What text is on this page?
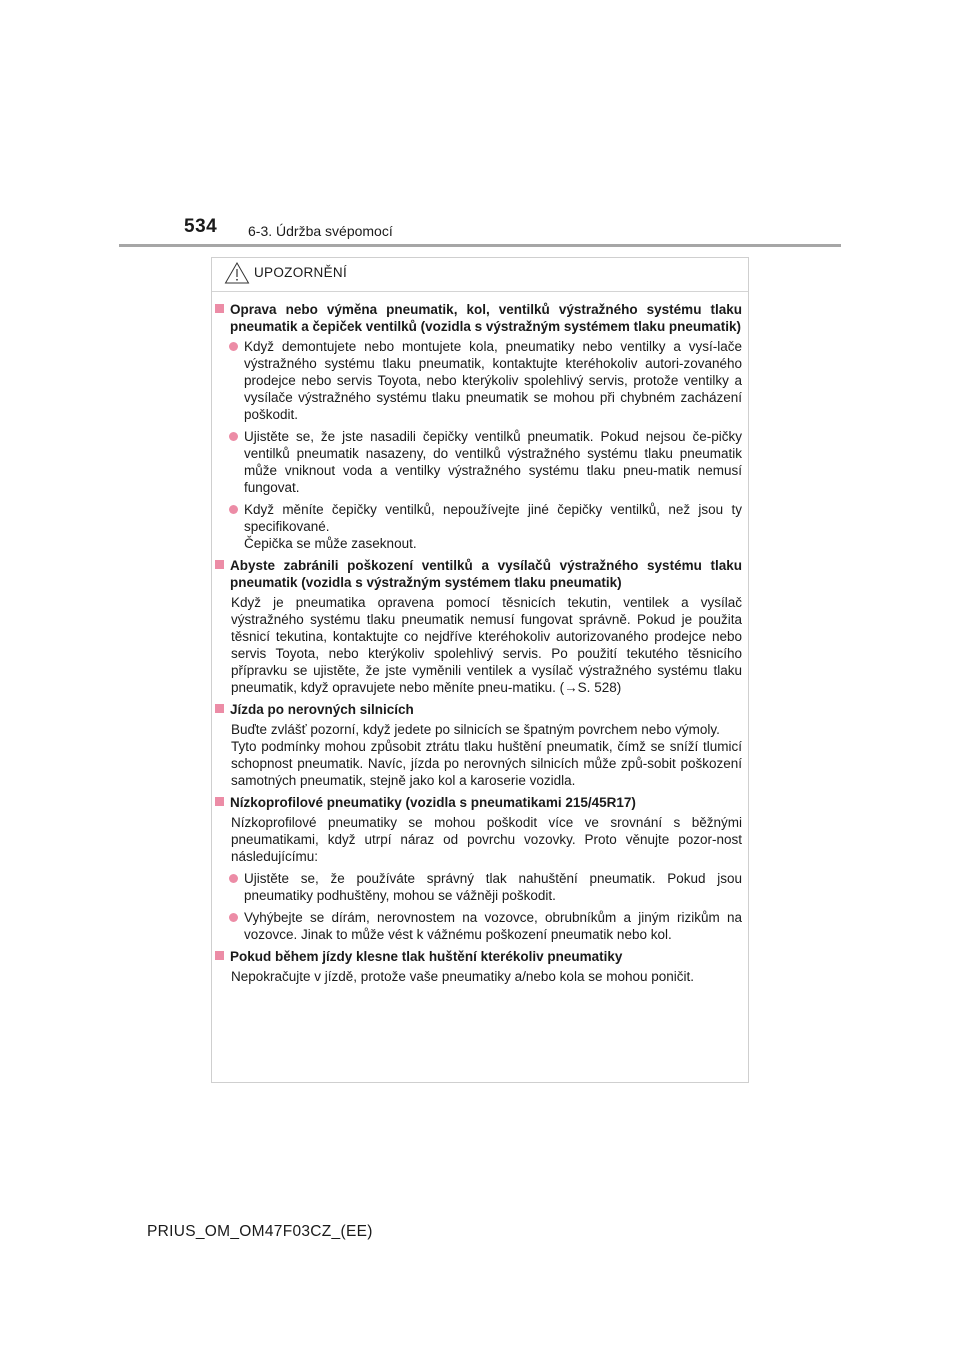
534 6-3. Údržba svépomocí
UPOZORNĚNÍ
Oprava nebo výměna pneumatik, kol, ventilků výstražného systému tlaku pneumatik a čepiček ventilků (vozidla s výstražným systémem tlaku pneumatik)
Když demontujete nebo montujete kola, pneumatiky nebo ventilky a vysí-lače výstražného systému tlaku pneumatik, kontaktujte kteréhokoliv autori-zovaného prodejce nebo servis Toyota, nebo kterýkoliv spolehlivý servis, protože ventilky a vysílače výstražného systému tlaku pneumatik se mohou při chybném zacházení poškodit.
Ujistěte se, že jste nasadili čepičky ventilků pneumatik. Pokud nejsou če-pičky ventilků pneumatik nasazeny, do ventilků výstražného systému tlaku pneumatik může vniknout voda a ventilky výstražného systému tlaku pneu-matik nemusí fungovat.
Když měníte čepičky ventilků, nepoužívejte jiné čepičky ventilků, než jsou ty specifikované.
Čepička se může zaseknout.
Abyste zabránili poškození ventilků a vysílačů výstražného systému tlaku pneumatik (vozidla s výstražným systémem tlaku pneumatik)
Když je pneumatika opravena pomocí těsnicích tekutin, ventilek a vysílač výstražného systému tlaku pneumatik nemusí fungovat správně. Pokud je použita těsnicí tekutina, kontaktujte co nejdříve kteréhokoliv autorizovaného prodejce nebo servis Toyota, nebo kterýkoliv spolehlivý servis. Po použití tekutého těsnicího přípravku se ujistěte, že jste vyměnili ventilek a vysílač výstražného systému tlaku pneumatik, když opravujete nebo měníte pneu-matiku. (→S. 528)
Jízda po nerovných silnicích
Buďte zvlášť pozorní, když jedete po silnicích se špatným povrchem nebo výmoly.
Tyto podmínky mohou způsobit ztrátu tlaku huštění pneumatik, čímž se sníží tlumicí schopnost pneumatik. Navíc, jízda po nerovných silnicích může způ-sobit poškození samotných pneumatik, stejně jako kol a karoserie vozidla.
Nízkoprofilové pneumatiky (vozidla s pneumatikami 215/45R17)
Nízkoprofilové pneumatiky se mohou poškodit více ve srovnání s běžnými pneumatikami, když utrpí náraz od povrchu vozovky. Proto věnujte pozor-nost následujícímu:
Ujistěte se, že používáte správný tlak nahuštění pneumatik. Pokud jsou pneumatiky podhuštěny, mohou se vážněji poškodit.
Vyhýbejte se dírám, nerovnostem na vozovce, obrubníkům a jiným rizikům na vozovce. Jinak to může vést k vážnému poškození pneumatik nebo kol.
Pokud během jízdy klesne tlak huštění kterékoliv pneumatiky
Nepokračujte v jízdě, protože vaše pneumatiky a/nebo kola se mohou poničit.
PRIUS_OM_OM47F03CZ_(EE)
